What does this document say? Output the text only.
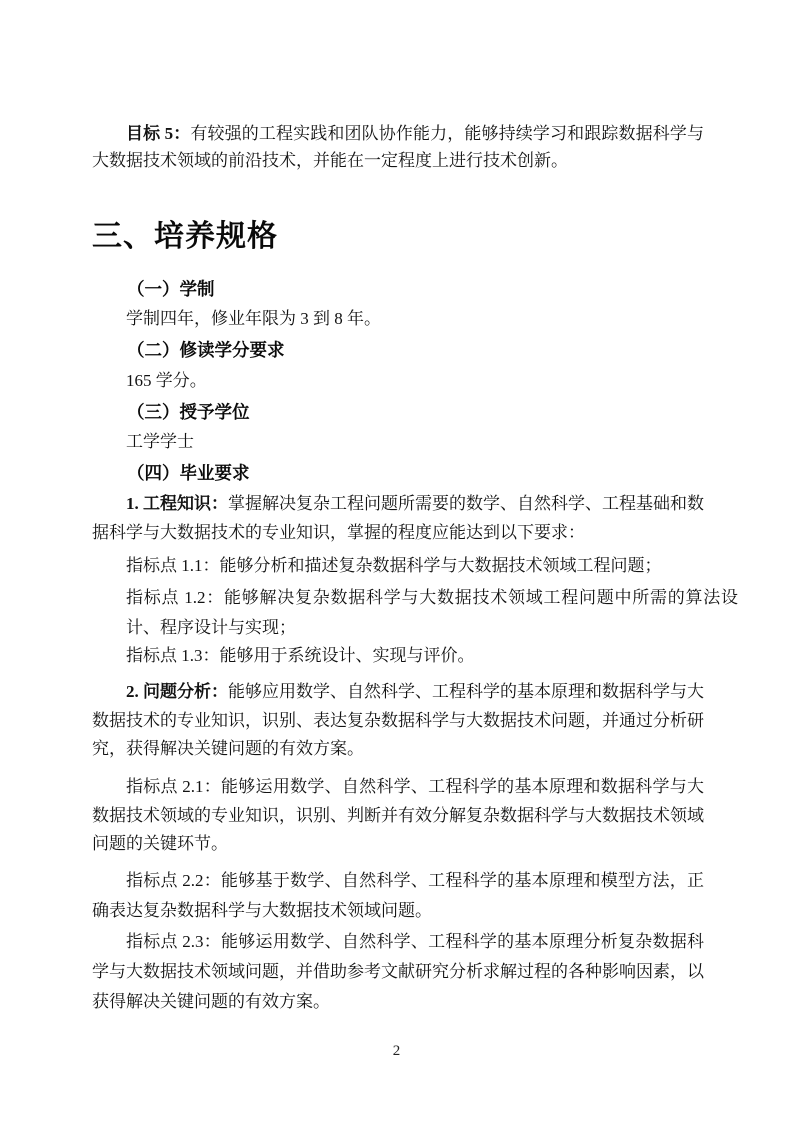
目标 5：有较强的工程实践和团队协作能力，能够持续学习和跟踪数据科学与大数据技术领域的前沿技术，并能在一定程度上进行技术创新。

三、培养规格

（一）学制

学制四年，修业年限为 3 到 8 年。

（二）修读学分要求

165 学分。

（三）授予学位

工学学士

（四）毕业要求

1. 工程知识：掌握解决复杂工程问题所需要的数学、自然科学、工程基础和数据科学与大数据技术的专业知识，掌握的程度应能达到以下要求：

指标点 1.1：能够分析和描述复杂数据科学与大数据技术领域工程问题；

指标点 1.2：能够解决复杂数据科学与大数据技术领域工程问题中所需的算法设计、程序设计与实现；

指标点 1.3：能够用于系统设计、实现与评价。

2. 问题分析：能够应用数学、自然科学、工程科学的基本原理和数据科学与大数据技术的专业知识，识别、表达复杂数据科学与大数据技术问题，并通过分析研究，获得解决关键问题的有效方案。

指标点 2.1：能够运用数学、自然科学、工程科学的基本原理和数据科学与大数据技术领域的专业知识，识别、判断并有效分解复杂数据科学与大数据技术领域问题的关键环节。

指标点 2.2：能够基于数学、自然科学、工程科学的基本原理和模型方法，正确表达复杂数据科学与大数据技术领域问题。

指标点 2.3：能够运用数学、自然科学、工程科学的基本原理分析复杂数据科学与大数据技术领域问题，并借助参考文献研究分析求解过程的各种影响因素，以获得解决关键问题的有效方案。

2
